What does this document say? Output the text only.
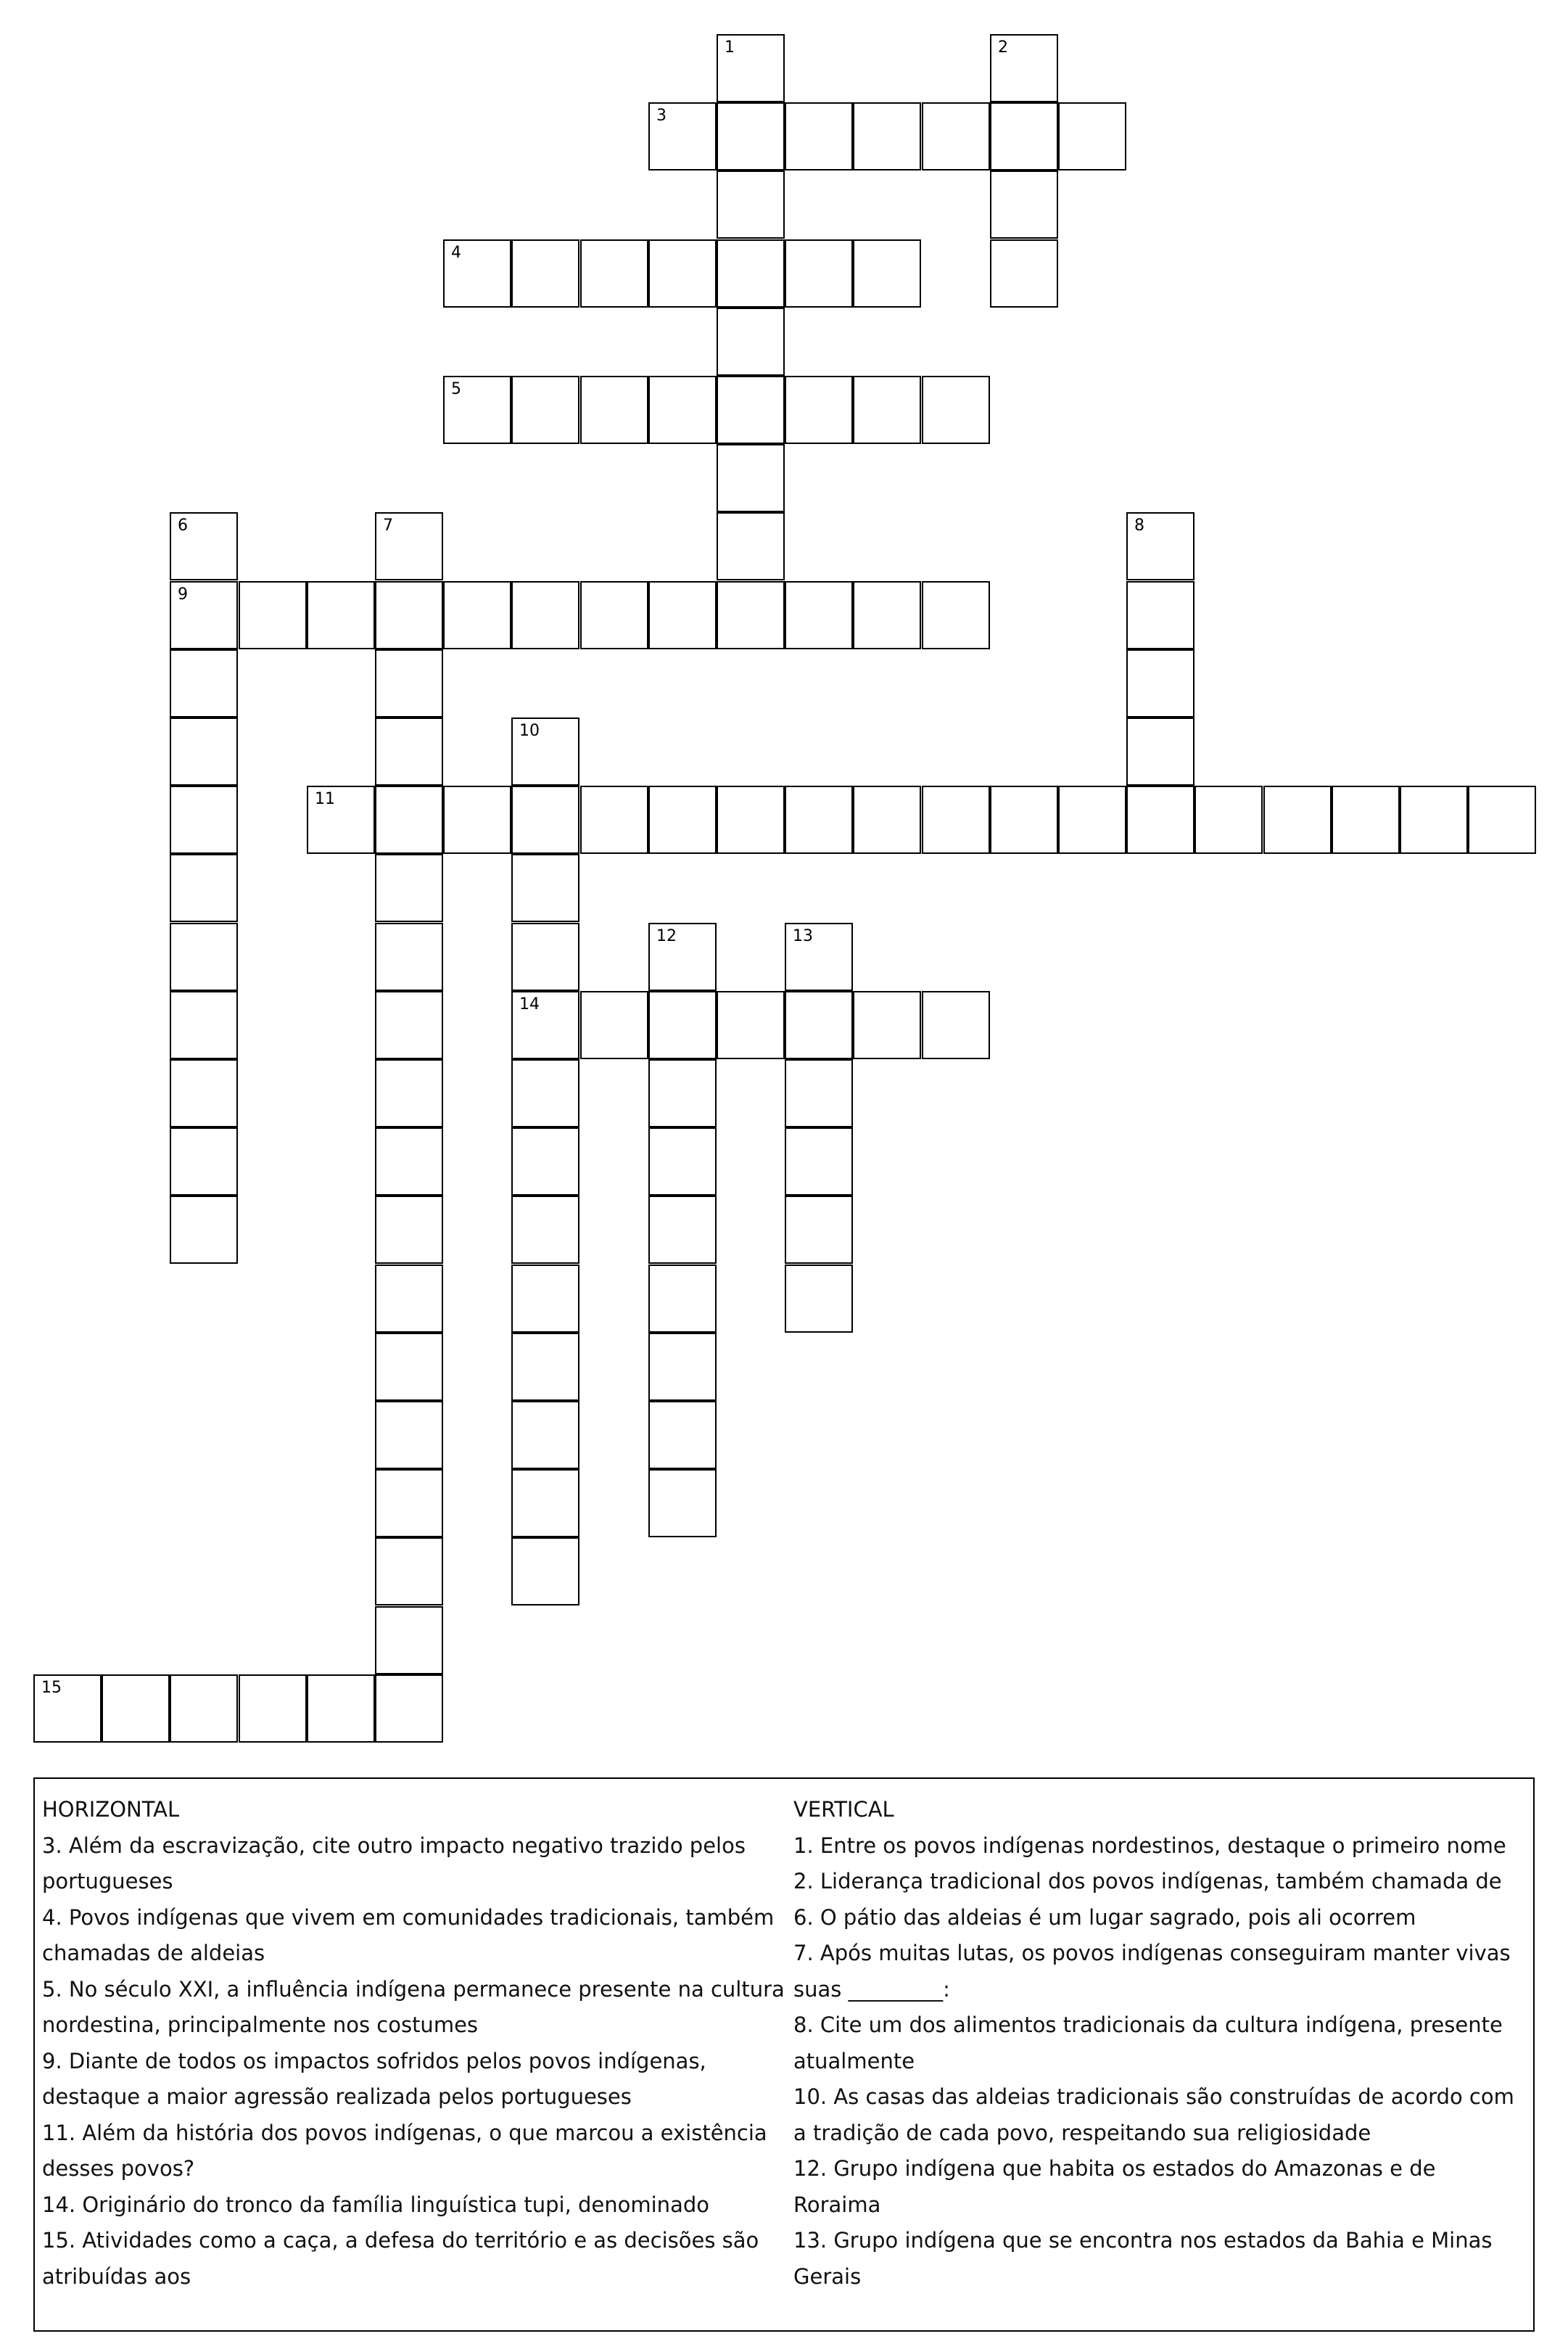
3
4
5
9
11
14
15
1	2
6	7	8
10
12	13
HORIZONTAL
3. Além da escravização, cite outro impacto negativo trazido pelos portugueses
4. Povos indígenas que vivem em comunidades tradicionais, também chamadas de aldeias
5. No século XXI, a influência indígena permanece presente na cultura nordestina, principalmente nos costumes
9. Diante de todos os impactos sofridos pelos povos indígenas, destaque a maior agressão realizada pelos portugueses
11. Além da história dos povos indígenas, o que marcou a existência desses povos?
14. Originário do tronco da família linguística tupi, denominado
15. Atividades como a caça, a defesa do território e as decisões são atribuídas aos
VERTICAL
1. Entre os povos indígenas nordestinos, destaque o primeiro nome
2. Liderança tradicional dos povos indígenas, também chamada de
6. O pátio das aldeias é um lugar sagrado, pois ali ocorrem
7. Após muitas lutas, os povos indígenas conseguiram manter vivas suas _________:
8. Cite um dos alimentos tradicionais da cultura indígena, presente atualmente
10. As casas das aldeias tradicionais são construídas de acordo com a tradição de cada povo, respeitando sua religiosidade
12. Grupo indígena que habita os estados do Amazonas e de Roraima
13. Grupo indígena que se encontra nos estados da Bahia e Minas Gerais
